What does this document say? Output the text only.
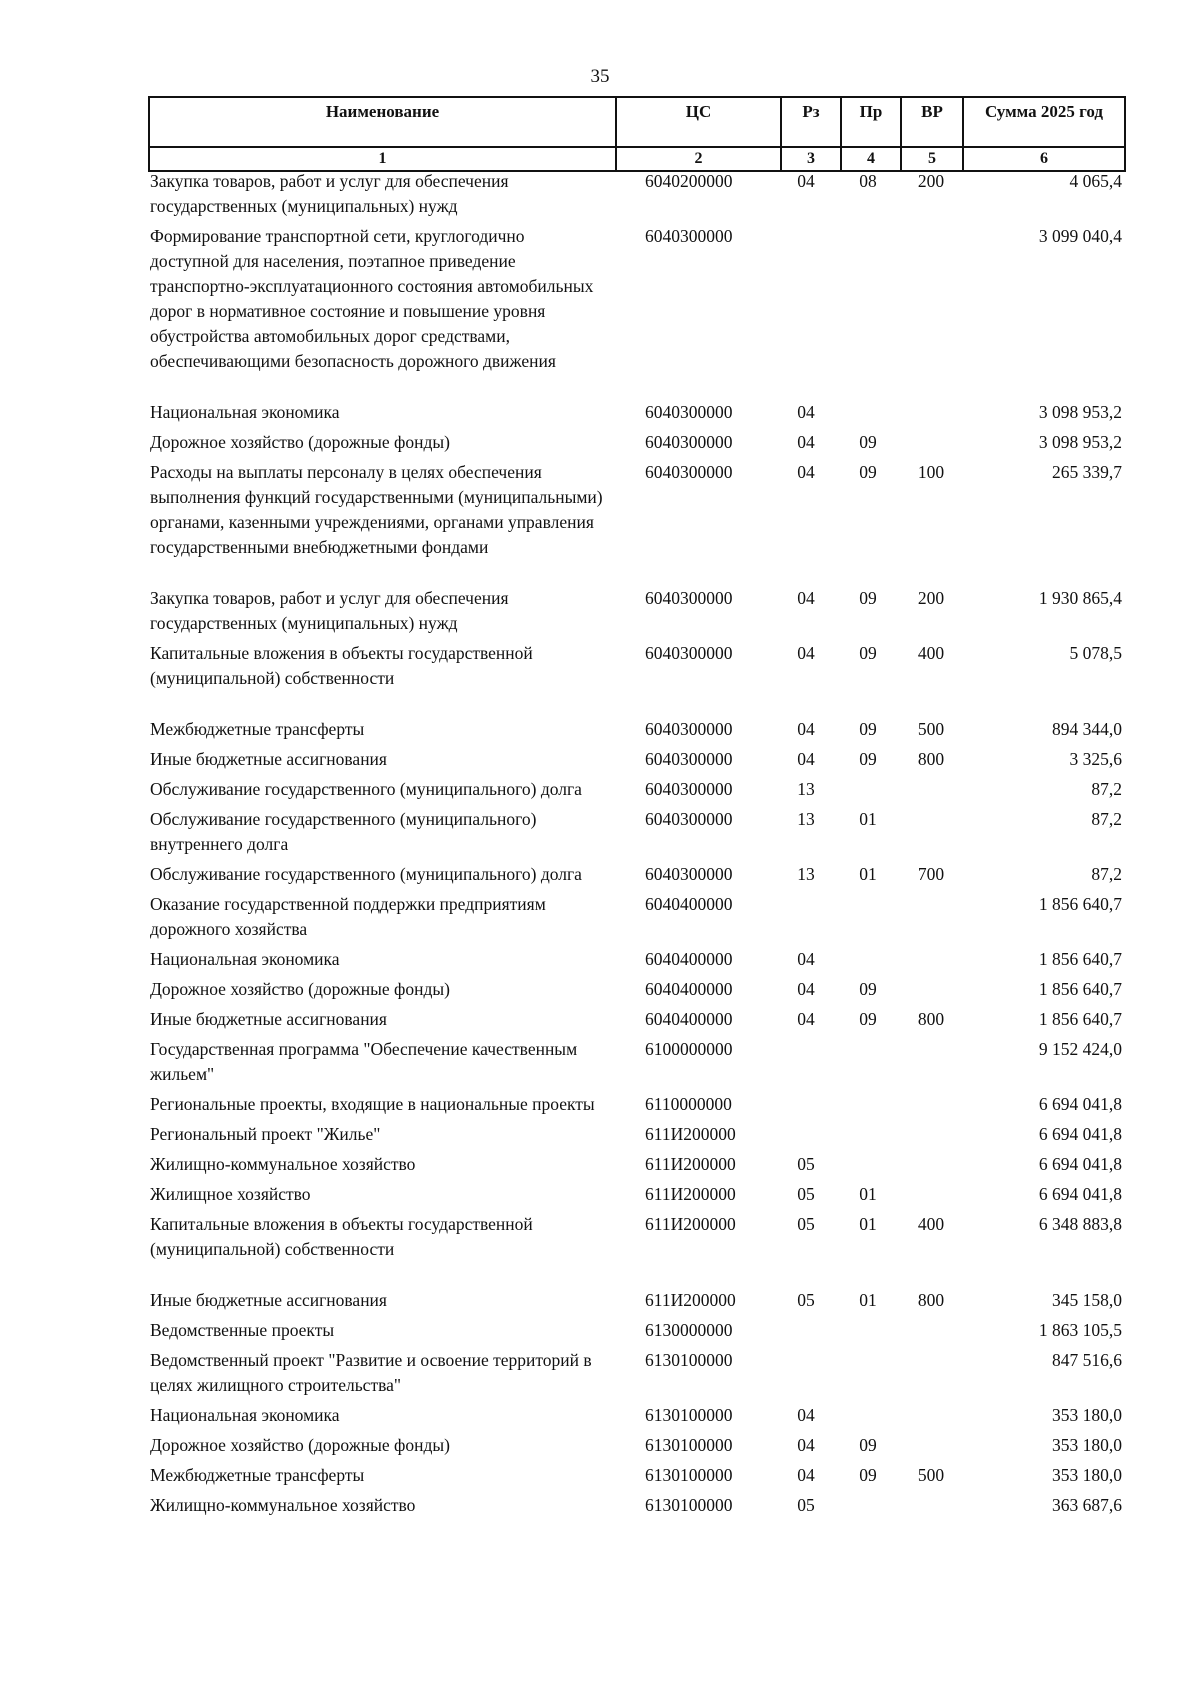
35
Наименование	ЦС	Рз	Пр	ВР	Сумма 2025 год
1	2	3	4	5	6
Закупка товаров, работ и услуг для обеспечения государственных (муниципальных) нужд	6040200000	04	08	200	4 065,4
Формирование транспортной сети, круглогодично доступной для населения, поэтапное приведение транспортно-эксплуатационного состояния автомобильных дорог в нормативное состояние и повышение уровня обустройства автомобильных дорог средствами, обеспечивающими безопасность дорожного движения	6040300000				3 099 040,4
Национальная экономика	6040300000	04			3 098 953,2
Дорожное хозяйство (дорожные фонды)	6040300000	04	09		3 098 953,2
Расходы на выплаты персоналу в целях обеспечения выполнения функций государственными (муниципальными) органами, казенными учреждениями, органами управления государственными внебюджетными фондами	6040300000	04	09	100	265 339,7
Закупка товаров, работ и услуг для обеспечения государственных (муниципальных) нужд	6040300000	04	09	200	1 930 865,4
Капитальные вложения в объекты государственной (муниципальной) собственности	6040300000	04	09	400	5 078,5
Межбюджетные трансферты	6040300000	04	09	500	894 344,0
Иные бюджетные ассигнования	6040300000	04	09	800	3 325,6
Обслуживание государственного (муниципального) долга	6040300000	13			87,2
Обслуживание государственного (муниципального) внутреннего долга	6040300000	13	01		87,2
Обслуживание государственного (муниципального) долга	6040300000	13	01	700	87,2
Оказание государственной поддержки предприятиям дорожного хозяйства	6040400000				1 856 640,7
Национальная экономика	6040400000	04			1 856 640,7
Дорожное хозяйство (дорожные фонды)	6040400000	04	09		1 856 640,7
Иные бюджетные ассигнования	6040400000	04	09	800	1 856 640,7
Государственная программа "Обеспечение качественным жильем"	6100000000				9 152 424,0
Региональные проекты, входящие в национальные проекты	6110000000				6 694 041,8
Региональный проект "Жилье"	611И200000				6 694 041,8
Жилищно-коммунальное хозяйство	611И200000	05			6 694 041,8
Жилищное хозяйство	611И200000	05	01		6 694 041,8
Капитальные вложения в объекты государственной (муниципальной) собственности	611И200000	05	01	400	6 348 883,8
Иные бюджетные ассигнования	611И200000	05	01	800	345 158,0
Ведомственные проекты	6130000000				1 863 105,5
Ведомственный проект "Развитие и освоение территорий в целях жилищного строительства"	6130100000				847 516,6
Национальная экономика	6130100000	04			353 180,0
Дорожное хозяйство (дорожные фонды)	6130100000	04	09		353 180,0
Межбюджетные трансферты	6130100000	04	09	500	353 180,0
Жилищно-коммунальное хозяйство	6130100000	05			363 687,6
